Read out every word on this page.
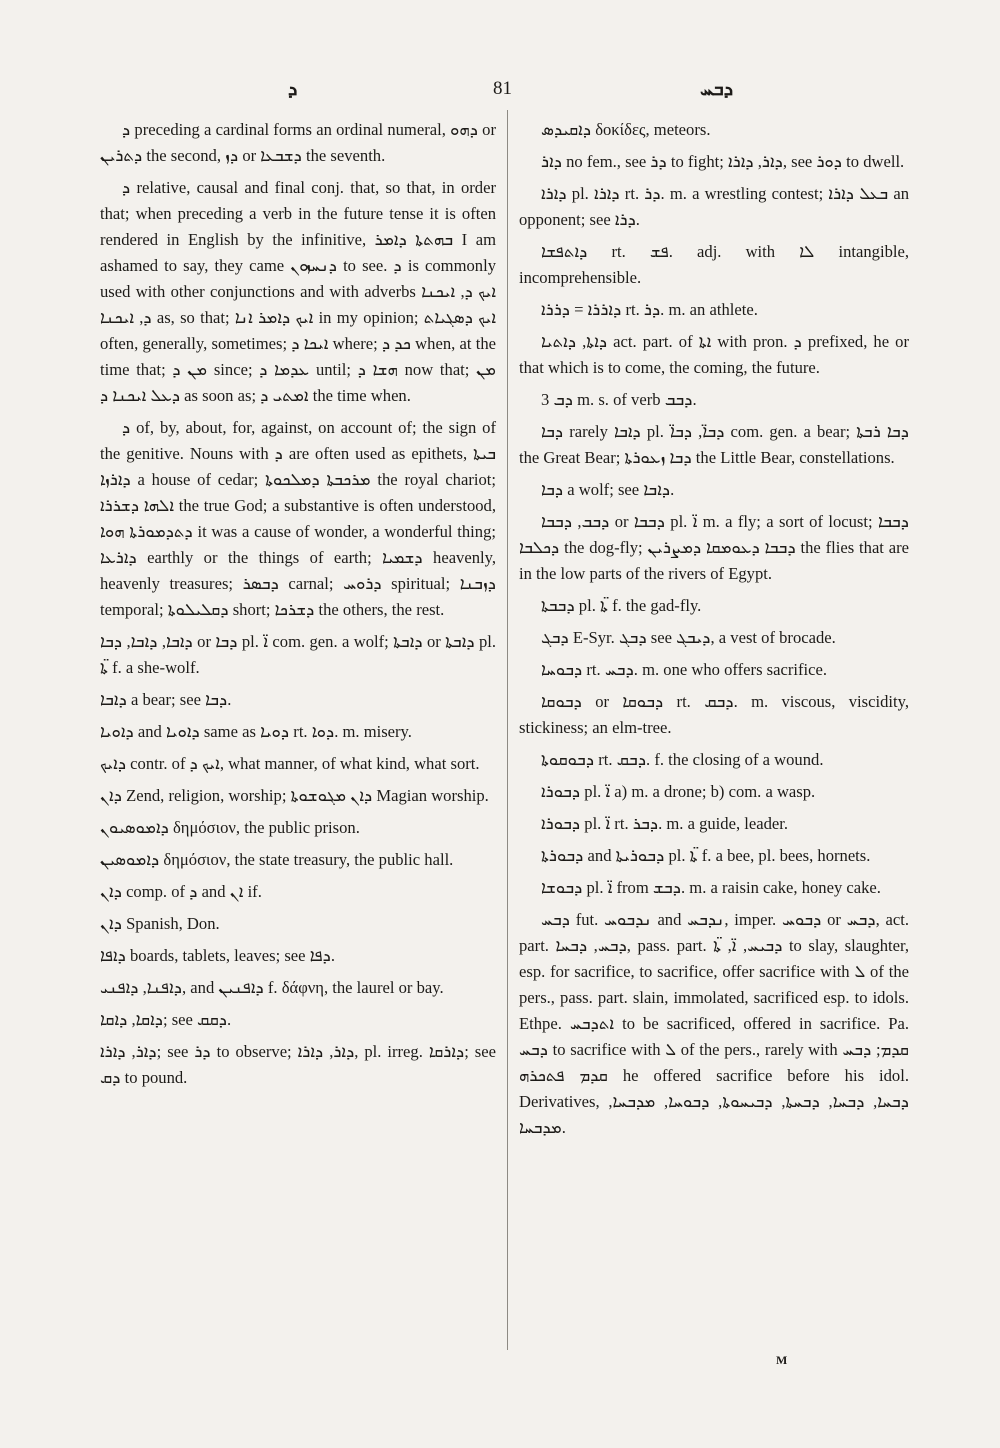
ܕ	81	ܕܒܚ

ܕ preceding a cardinal forms an ordinal numeral, ܕܗܘ or ܕܬܪܝܢ the second, ܕܙ or ܕܫܒܥܐ the seventh.

ܕ relative, causal and final conj. that, so that, in order that; when preceding a verb in the future tense it is often rendered in English by the infinitive, ܒܗܬܬܐ ܕܐܡܪ I am ashamed to say, they came ܕܢܚܙܘܢ to see. ܕ is commonly used with other conjunctions and with adverbs ܐܝܟ ܕ, ܐܝܟܢܐ ܕ, ܐܝܟܢܐ as, so that; ܐܝܟ ܕܐܡܪ ܐܢܐ in my opinion; ܐܝܟ ܕܣܓܝܐܬ often, generally, sometimes; ܐܝܟܐ ܕ where; ܟܕ ܕ when, at the time that; ܡܢ ܕ since; ܥܕܡܐ ܕ until; ܗܫܐ ܕ now that; ܡܢ ܕܥܠ ܐܝܟܢܐ ܕ as soon as; ܐܡܬܝ ܕ the time when.

ܕ of, by, about, for, against, on account of; the sign of the genitive. Nouns with ܕ are often used as epithets, ܒܝܬܐ ܕܐܪܙܐ a house of cedar; ܡܪܟܒܬܐ ܕܡܠܟܘܬܐ the royal chariot; ܐܠܗܐ ܕܫܪܪܐ the true God; a substantive is often understood, ܕܬܕܡܘܪܬܐ ܗܘܐ it was a cause of wonder, a wonderful thing; ܕܐܪܥܐ earthly or the things of earth; ܕܫܡܝܐ heavenly, heavenly treasures; ܕܒܣܪ carnal; ܕܪܘܚ spiritual; ܕܙܒܢܐ temporal; ܕܩܠܝܠܘܬܐ short; ܕܫܪܟܐ the others, the rest.

ܕܐܒܐ, ܕܐܒܐ, ܕܒܐ or ܕܒܐ pl. ܐ̈ com. gen. a wolf; ܕܐܒܬܐ or ܕܐܒܬܐ pl. ܬ̈ܐ f. a she-wolf.

ܕܐܒܐ a bear; see ܕܒܐ.

ܕܐܘܝܐ and ܕܐܘܝܐ same as ܕܘܝܐ rt. ܕܘܐ. m. misery.

ܕܐܝܟ contr. of ܐܝܟ ܕ, what manner, of what kind, what sort.

ܕܐܢ Zend, religion, worship; ܕܐܢ ܡܓܘܫܘܬܐ Magian worship.

ܕܐܡܘܣܝܘܢ δημόσιον, the public prison.

ܕܐܡܘܣܝܢ δημόσιον, the state treasury, the public hall.

ܕܐܢ comp. of ܕ and ܐܢ if.

ܕܐܢ Spanish, Don.

ܕܐܦܐ boards, tablets, leaves; see ܕܦܐ.

ܕܐܦܢܐ, ܕܐܦܢܝ, and ܕܐܦܢܝܢ f. δάφνη, the laurel or bay.

ܕܐܩܐ, ܕܐܩܐ; see ܕܩܩ.

ܕܐܪ, ܕܐܪܐ; see ܕܪ to observe; ܕܐܪ, ܕܐܪܐ, pl. irreg. ܕܐܪܩܐ; see ܕܩ to pound.

ܕܐܩܝܕܣ δοκίδες, meteors.

ܕܐܪ no fem., see ܕܪ to fight; ܕܐܪ, ܕܐܪܐ, see ܕܘܪ to dwell.

ܕܐܪܐ pl. ܕܐܪܐ rt. ܕܪ. m. a wrestling contest; ܒܥܠ ܕܐܪܐ an opponent; see ܕܪܐ.

ܕܐܬܦܫܐ rt. ܦܫ. adj. with ܠܐ intangible, incomprehensible.

ܕܐܪܪܐ = ܕܪܪܐ rt. ܕܪ. m. an athlete.

ܕܐܬܐ, ܕܐܬܝܐ act. part. of ܐܬܐ with pron. ܕ prefixed, he or that which is to come, the coming, the future.

ܕܒ 3 m. s. of verb ܕܒܒ.

ܕܒܐ rarely ܕܐܒܐ pl. ܕܒܐ̈, ܕܒܐ̈ com. gen. a bear; ܕܒܐ ܪܒܬܐ the Great Bear; ܕܒܐ ܙܥܘܪܬܐ the Little Bear, constellations.

ܕܒܐ a wolf; see ܕܐܒܐ.

ܕܒܒ, ܕܒܒܐ or ܕܒܒܐ pl. ܐ̈ m. a fly; a sort of locust; ܕܒܒܐ ܕܟܠܒܐ the dog-fly; ܕܒܒܐ ܕܥܘܡܩܐ ܕܡܨܪܝܢ the flies that are in the low parts of the rivers of Egypt.

ܕܒܒܬܐ pl. ܬ̈ܐ f. the gad-fly.

ܕܒܓ E-Syr. ܕܒܓ see ܕܝܒܓ, a vest of brocade.

ܕܒܘܚܐ rt. ܕܒܚ. m. one who offers sacrifice.

ܕܒܘܩܐ or ܕܒܘܩܐ rt. ܕܒܩ. m. viscous, viscidity, stickiness; an elm-tree.

ܕܒܘܩܘܬܐ rt. ܕܒܩ. f. the closing of a wound.

ܕܒܘܪܐ pl. ܐ̈ a) m. a drone; b) com. a wasp.

ܕܒܘܪܐ pl. ܐ̈ rt. ܕܒܪ. m. a guide, leader.

ܕܒܘܪܬܐ and ܕܒܘܪܝܬܐ pl. ܬ̈ܐ f. a bee, pl. bees, hornets.

ܕܒܘܫܐ pl. ܐ̈ from ܕܒܫ. m. a raisin cake, honey cake.

ܕܒܚ fut. ܢܕܒܘܚ and ܢܕܒܚ, imper. ܕܒܘܚ or ܕܒܚ, act. part. ܕܒܚ, ܕܒܚܐ, pass. part. ܕܒܝܚ, ܐ̈, ܬ̈ܐ to slay, slaughter, esp. for sacrifice, to sacrifice, offer sacrifice with ܠ of the pers., pass. part. slain, immolated, sacrificed esp. to idols. Ethpe. ܐܬܕܒܚ to be sacrificed, offered in sacrifice. Pa. ܕܒܚ to sacrifice with ܠ of the pers., rarely with ܩܕܡ; ܕܒܚ ܩܕܡ ܦܬܟܪܗ he offered sacrifice before his idol. Derivatives, ܕܒܚܐ, ܕܒܚܐ, ܕܒܚܬܐ, ܕܒܝܚܘܬܐ, ܕܒܘܚܐ, ܡܕܒܚܐ, ܡܕܒܚܐ.

M
